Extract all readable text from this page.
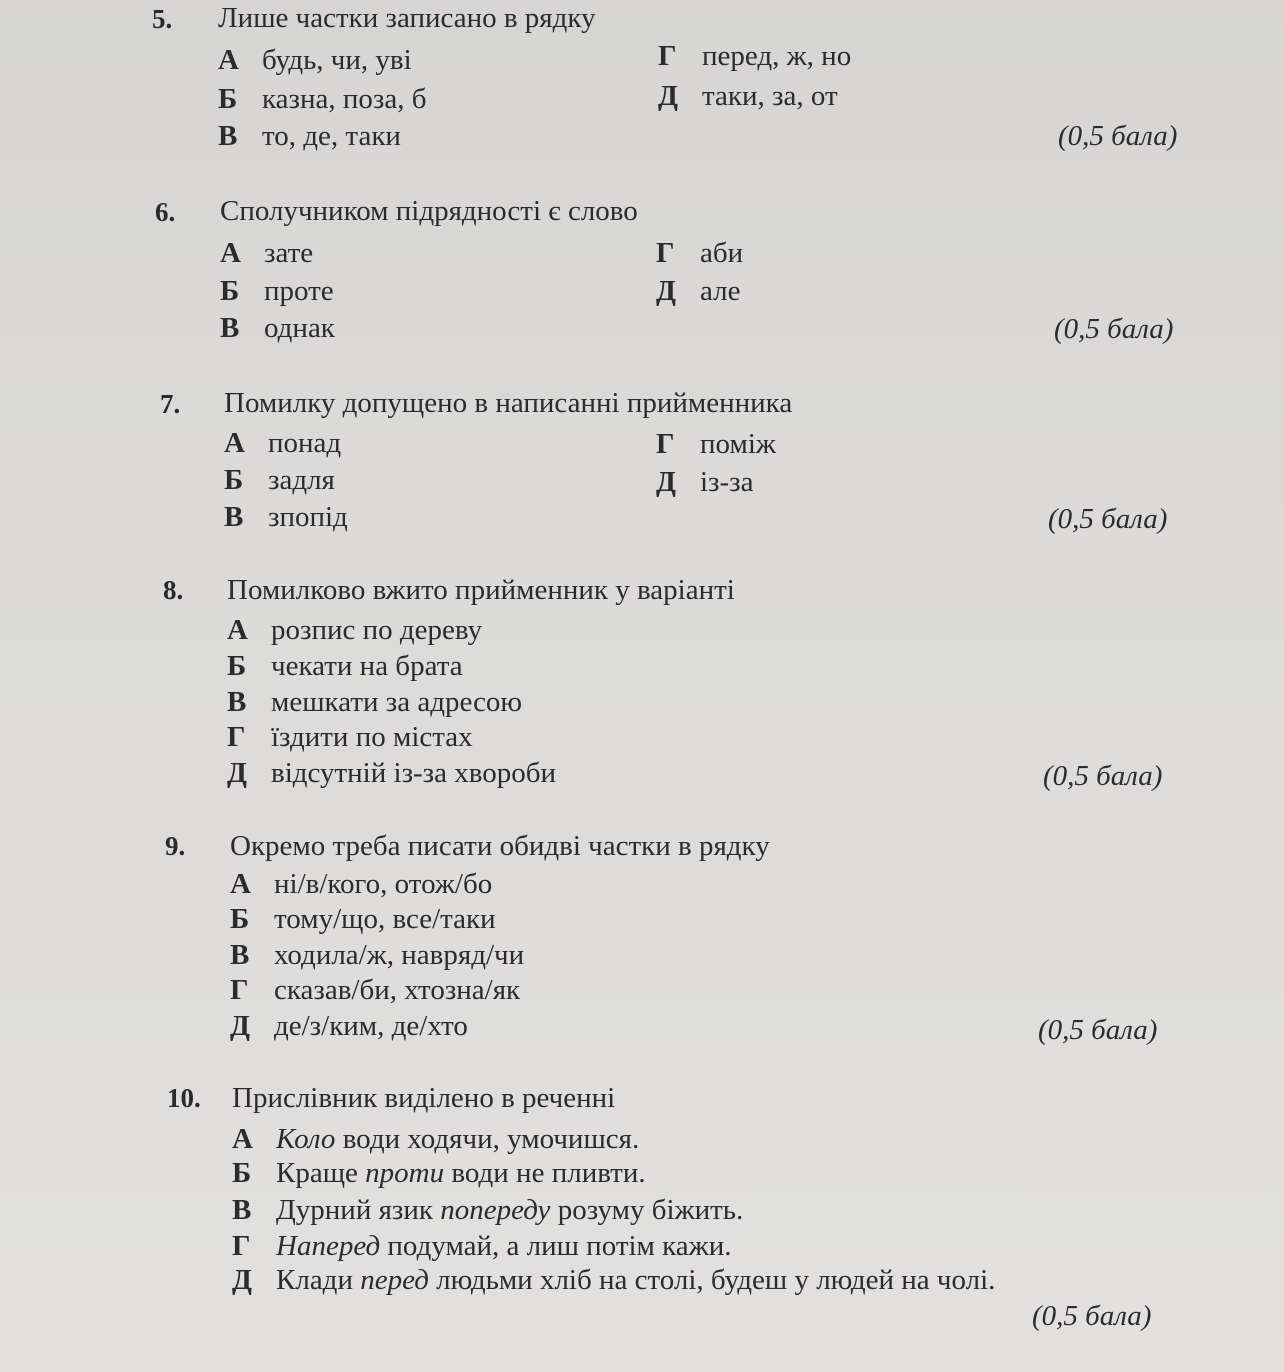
5. Лише частки записано в рядку
А будь, чи, уві
Б казна, поза, б
В то, де, таки
Г перед, ж, но
Д таки, за, от
(0,5 бала)
6. Сполучником підрядності є слово
А зате
Б проте
В однак
Г аби
Д але
(0,5 бала)
7. Помилку допущено в написанні прийменника
А понад
Б задля
В зпопід
Г поміж
Д із-за
(0,5 бала)
8. Помилково вжито прийменник у варіанті
А розпис по дереву
Б чекати на брата
В мешкати за адресою
Г їздити по містах
Д відсутній із-за хвороби	(0,5 бала)
9. Окремо треба писати обидві частки в рядку
А ні/в/кого, отож/бо
Б тому/що, все/таки
В ходила/ж, навряд/чи
Г сказав/би, хтозна/як
Д де/з/ким, де/хто	(0,5 бала)
10. Прислівник виділено в реченні
А Коло води ходячи, умочишся.
Б Краще проти води не пливти.
В Дурний язик попереду розуму біжить.
Г Наперед подумай, а лиш потім кажи.
Д Клади перед людьми хліб на столі, будеш у людей на чолі.
(0,5 бала)
